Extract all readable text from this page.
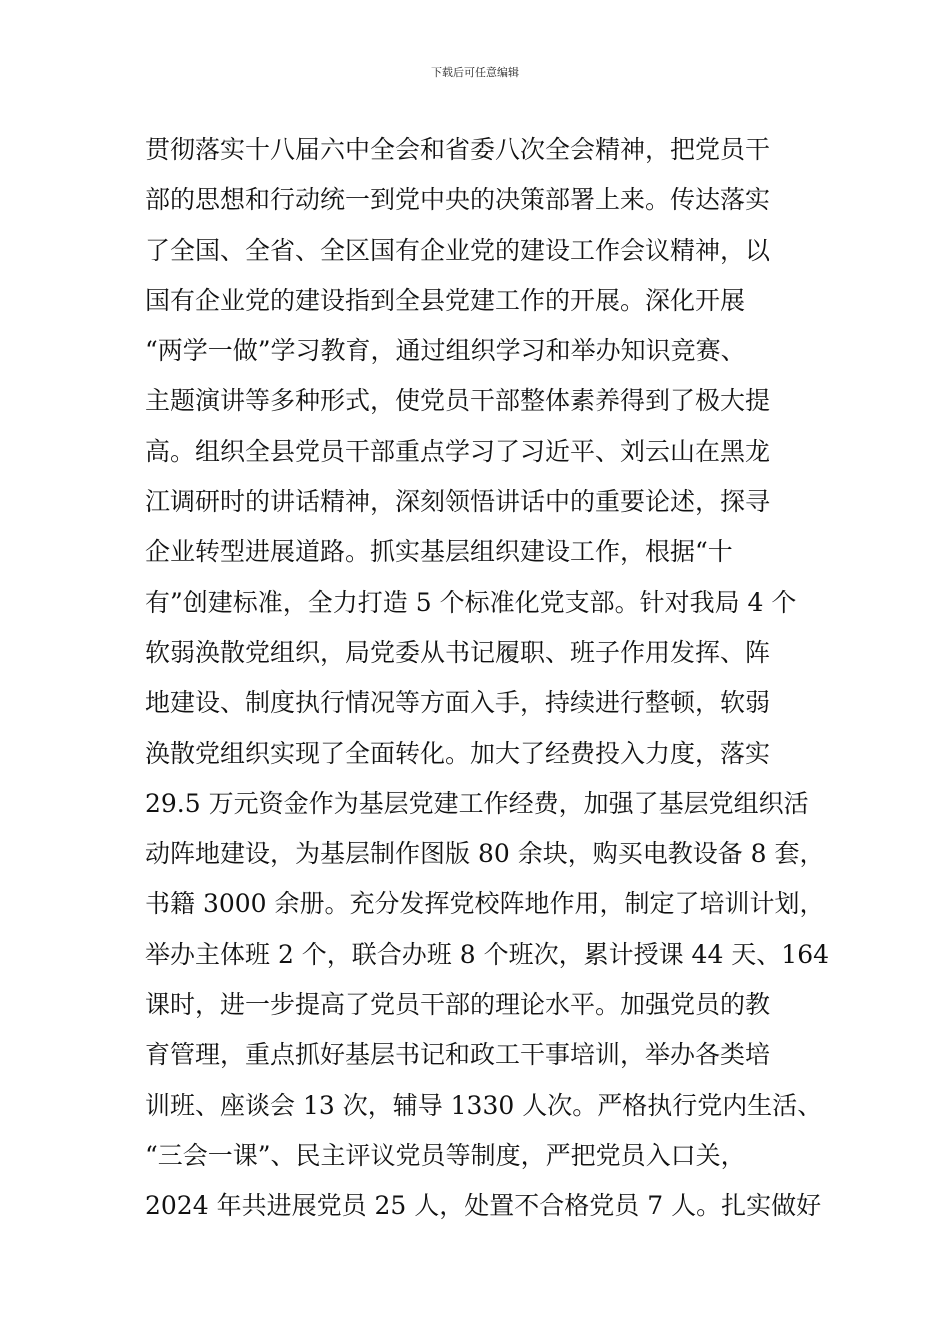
下载后可任意编辑
贯彻落实十八届六中全会和省委八次全会精神，把党员干
部的思想和行动统一到党中央的决策部署上来。传达落实
了全国、全省、全区国有企业党的建设工作会议精神，以
国有企业党的建设指到全县党建工作的开展。深化开展
“两学一做”学习教育，通过组织学习和举办知识竞赛、
主题演讲等多种形式，使党员干部整体素养得到了极大提
高。组织全县党员干部重点学习了习近平、刘云山在黑龙
江调研时的讲话精神，深刻领悟讲话中的重要论述，探寻
企业转型进展道路。抓实基层组织建设工作，根据“十
有”创建标准，全力打造 5 个标准化党支部。针对我局 4 个
软弱涣散党组织，局党委从书记履职、班子作用发挥、阵
地建设、制度执行情况等方面入手，持续进行整顿，软弱
涣散党组织实现了全面转化。加大了经费投入力度，落实
29.5 万元资金作为基层党建工作经费，加强了基层党组织活
动阵地建设，为基层制作图版 80 余块，购买电教设备 8 套，
书籍 3000 余册。充分发挥党校阵地作用，制定了培训计划，
举办主体班 2 个，联合办班 8 个班次，累计授课 44 天、164
课时，进一步提高了党员干部的理论水平。加强党员的教
育管理，重点抓好基层书记和政工干事培训，举办各类培
训班、座谈会 13 次，辅导 1330 人次。严格执行党内生活、
“三会一课”、民主评议党员等制度，严把党员入口关，
2024 年共进展党员 25 人，处置不合格党员 7 人。扎实做好
